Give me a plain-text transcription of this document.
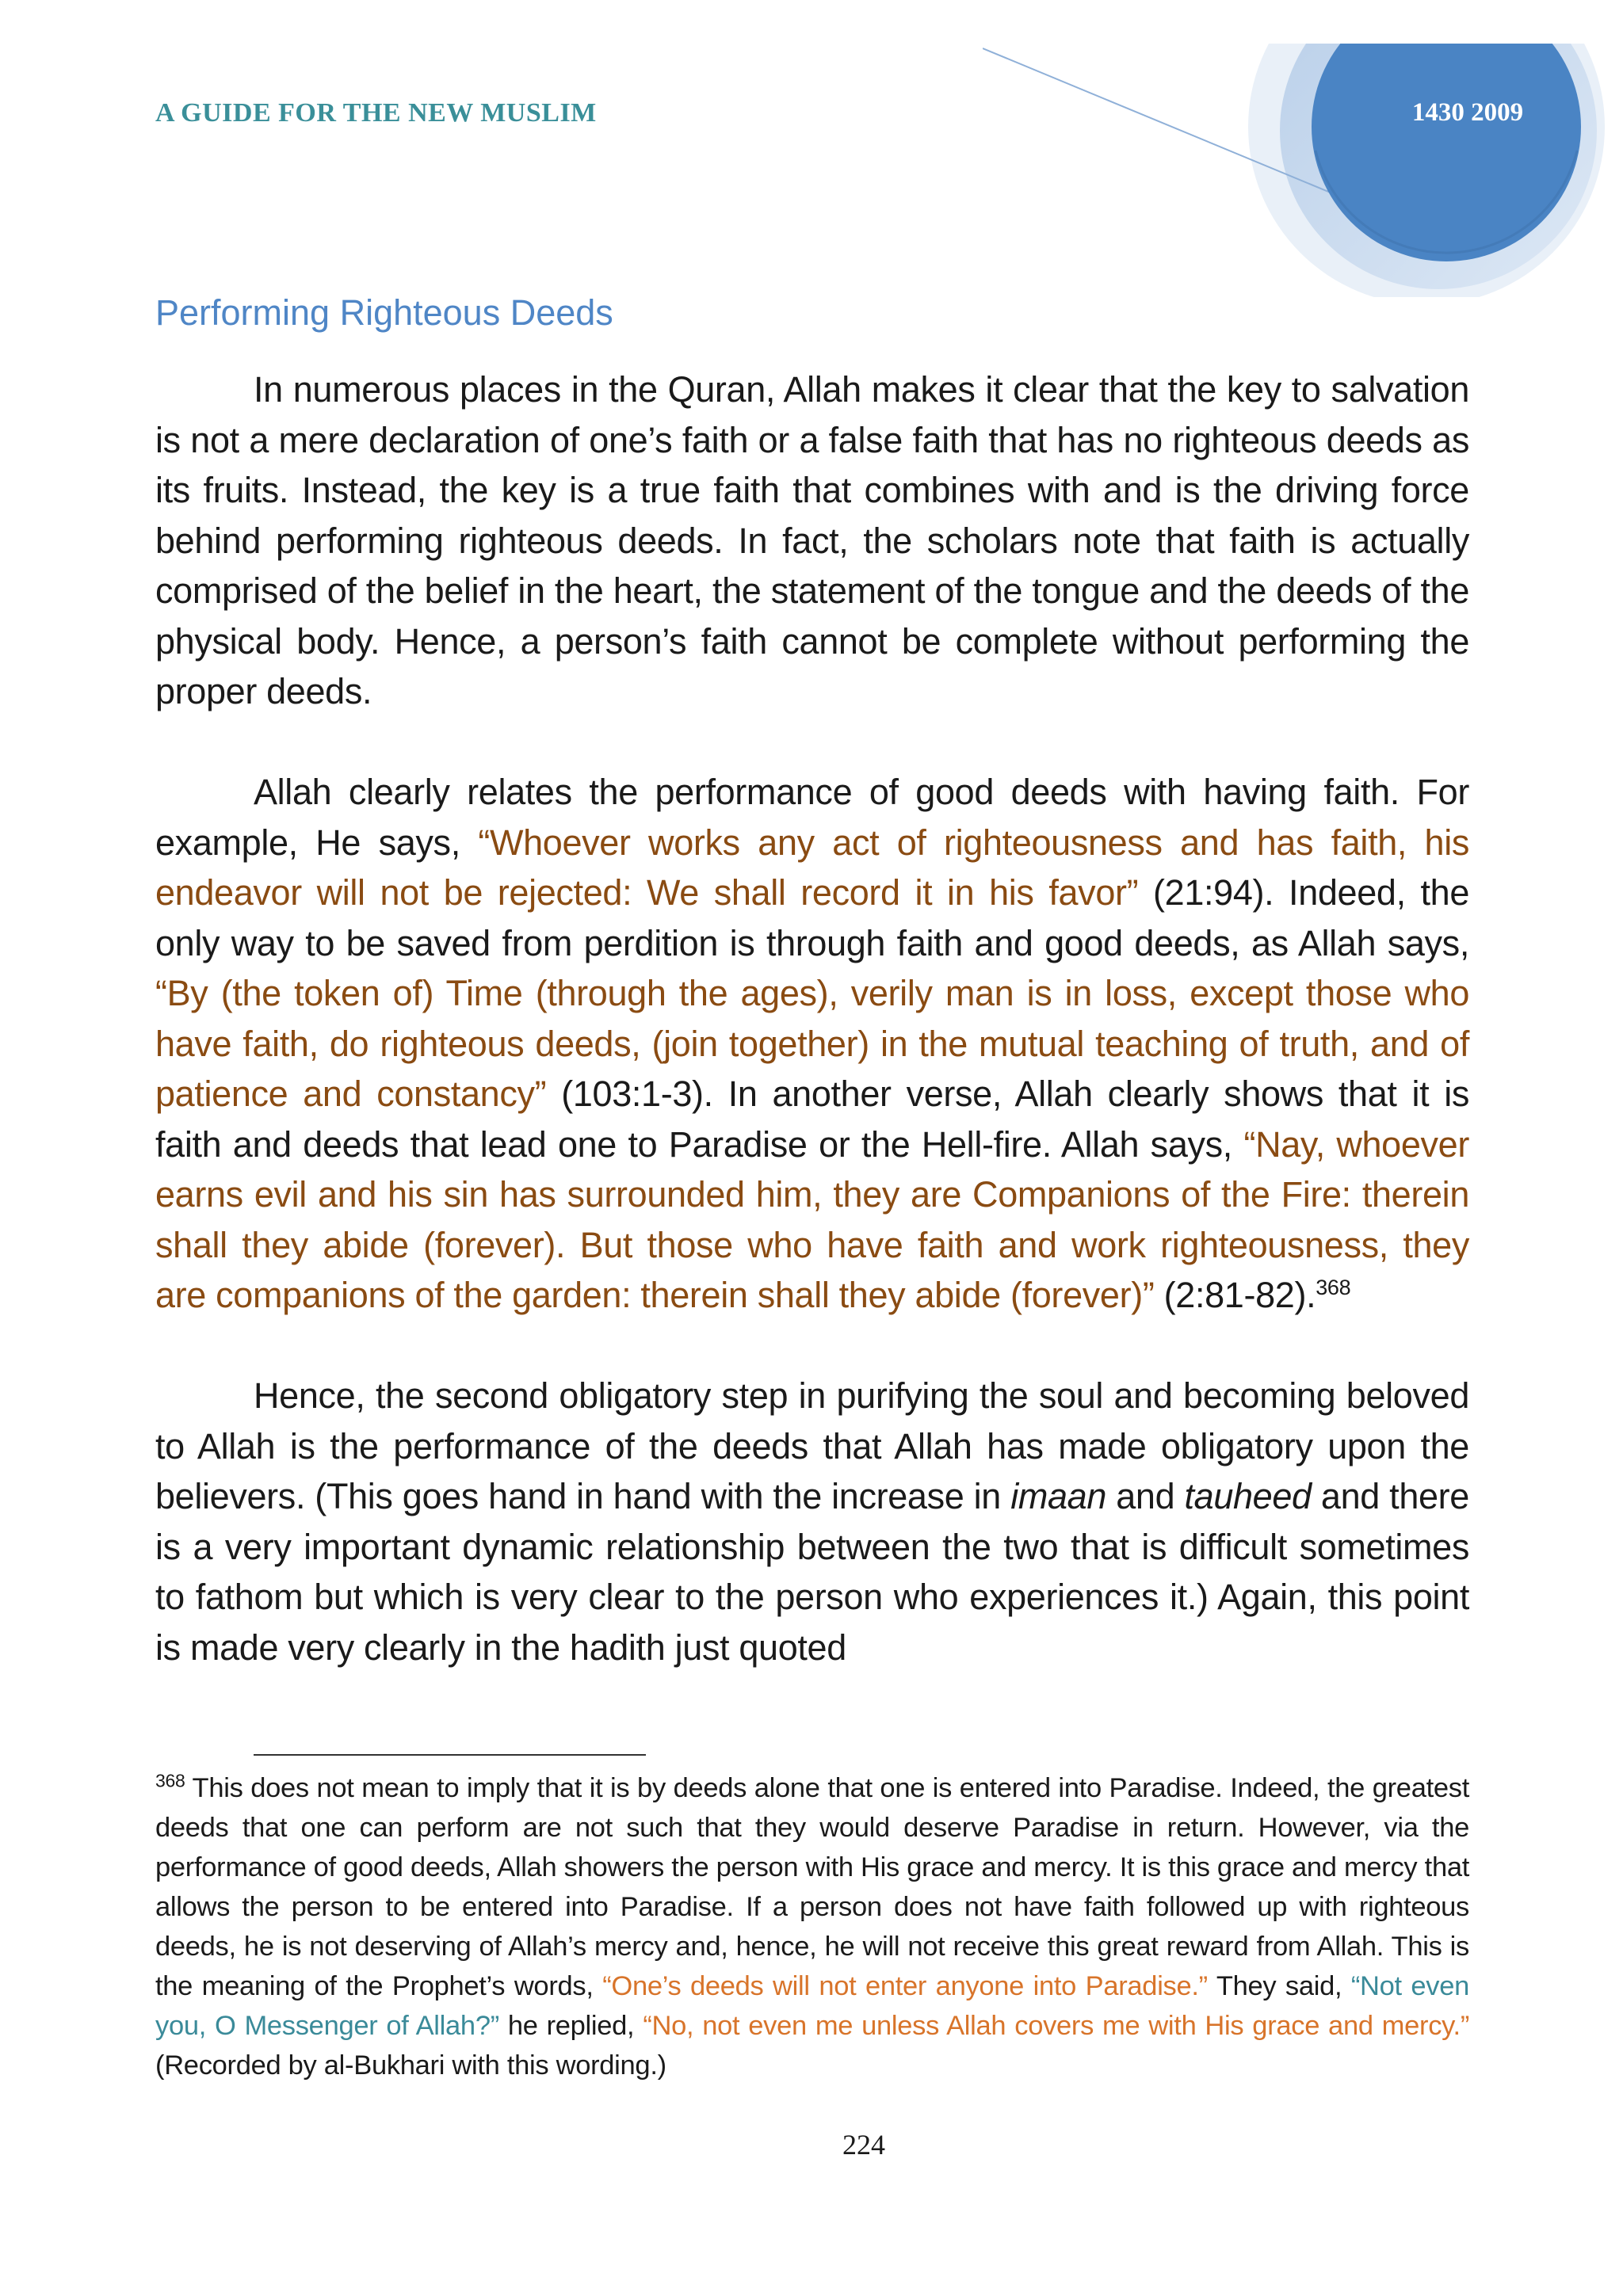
A GUIDE FOR THE NEW MUSLIM	1430 2009
Performing Righteous Deeds

In numerous places in the Quran, Allah makes it clear that the key to salvation is not a mere declaration of one’s faith or a false faith that has no righteous deeds as its fruits. Instead, the key is a true faith that combines with and is the driving force behind performing righteous deeds. In fact, the scholars note that faith is actually comprised of the belief in the heart, the statement of the tongue and the deeds of the physical body. Hence, a person’s faith cannot be complete without performing the proper deeds.

Allah clearly relates the performance of good deeds with having faith. For example, He says, “Whoever works any act of righteousness and has faith, his endeavor will not be rejected: We shall record it in his favor” (21:94). Indeed, the only way to be saved from perdition is through faith and good deeds, as Allah says, “By (the token of) Time (through the ages), verily man is in loss, except those who have faith, do righteous deeds, (join together) in the mutual teaching of truth, and of patience and constancy” (103:1-3). In another verse, Allah clearly shows that it is faith and deeds that lead one to Paradise or the Hell-fire. Allah says, “Nay, whoever earns evil and his sin has surrounded him, they are Companions of the Fire: therein shall they abide (forever). But those who have faith and work righteousness, they are companions of the garden: therein shall they abide (forever)” (2:81-82).$^{368}$

Hence, the second obligatory step in purifying the soul and becoming beloved to Allah is the performance of the deeds that Allah has made obligatory upon the believers. (This goes hand in hand with the increase in imaan and tauheed and there is a very important dynamic relationship between the two that is difficult sometimes to fathom but which is very clear to the person who experiences it.) Again, this point is made very clearly in the hadith just quoted

$^{368}$ This does not mean to imply that it is by deeds alone that one is entered into Paradise. Indeed, the greatest deeds that one can perform are not such that they would deserve Paradise in return. However, via the performance of good deeds, Allah showers the person with His grace and mercy. It is this grace and mercy that allows the person to be entered into Paradise. If a person does not have faith followed up with righteous deeds, he is not deserving of Allah’s mercy and, hence, he will not receive this great reward from Allah. This is the meaning of the Prophet’s words, “One’s deeds will not enter anyone into Paradise.” They said, “Not even you, O Messenger of Allah?” he replied, “No, not even me unless Allah covers me with His grace and mercy.” (Recorded by al-Bukhari with this wording.)

224
